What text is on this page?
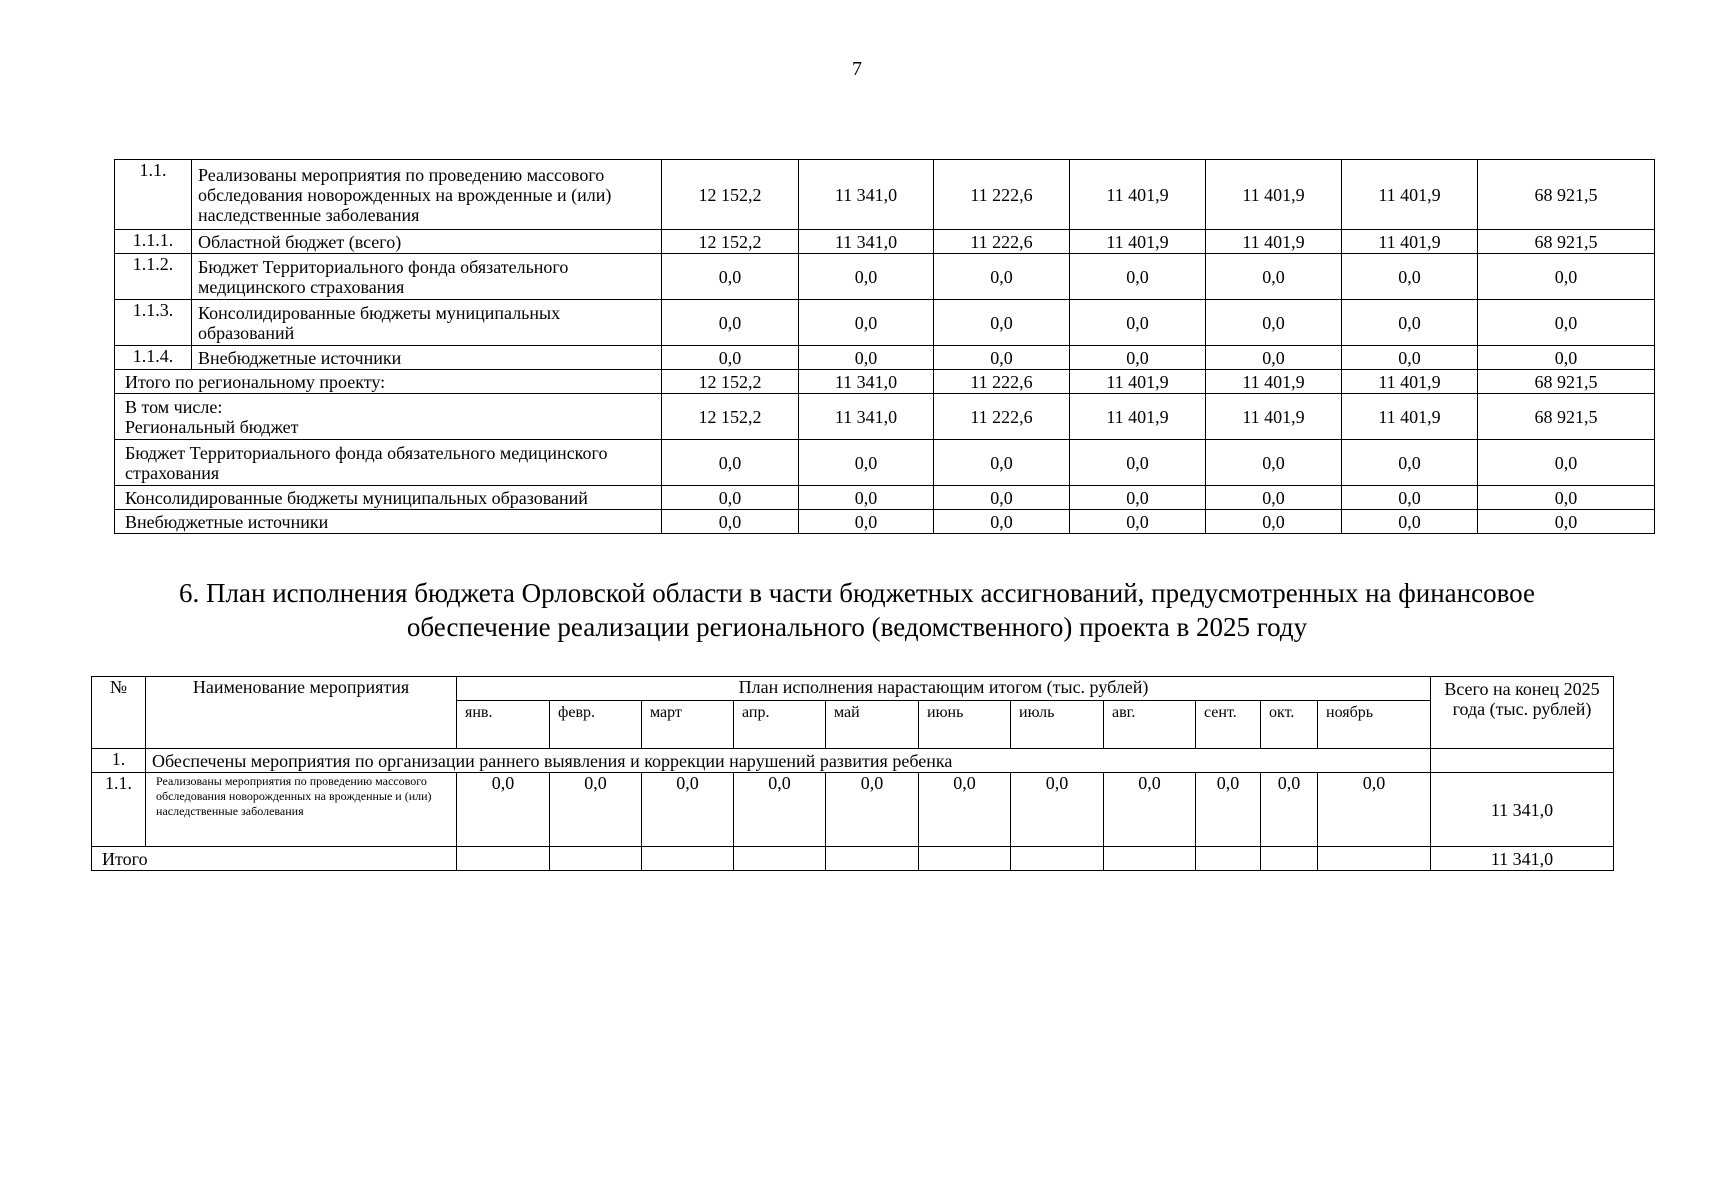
7
1.1.	Реализованы мероприятия по проведению массового обследования новорожденных на врожденные и (или) наследственные заболевания	12 152,2	11 341,0	11 222,6	11 401,9	11 401,9	11 401,9	68 921,5
1.1.1.	Областной бюджет (всего)	12 152,2	11 341,0	11 222,6	11 401,9	11 401,9	11 401,9	68 921,5
1.1.2.	Бюджет Территориального фонда обязательного медицинского страхования	0,0	0,0	0,0	0,0	0,0	0,0	0,0
1.1.3.	Консолидированные бюджеты муниципальных образований	0,0	0,0	0,0	0,0	0,0	0,0	0,0
1.1.4.	Внебюджетные источники	0,0	0,0	0,0	0,0	0,0	0,0	0,0
Итого по региональному проекту:		12 152,2	11 341,0	11 222,6	11 401,9	11 401,9	11 401,9	68 921,5

В том числе:
Региональный бюджет		12 152,2	11 341,0	11 222,6	11 401,9	11 401,9	11 401,9	68 921,5
Бюджет Территориального фонда обязательного медицинского страхования		0,0	0,0	0,0	0,0	0,0	0,0	0,0
Консолидированные бюджеты муниципальных образований		0,0	0,0	0,0	0,0	0,0	0,0	0,0
Внебюджетные источники		0,0	0,0	0,0	0,0	0,0	0,0	0,0
6. План исполнения бюджета Орловской области в части бюджетных ассигнований, предусмотренных на финансовое
обеспечение реализации регионального (ведомственного) проекта в 2025 году
№	Наименование мероприятия	План исполнения нарастающим итогом (тыс. рублей)											Всего на конец 2025 года (тыс. рублей)
		янв.	февр.	март	апр.	май	июнь	июль	авг.	сент.	окт.	ноябрь	
1.	Обеспечены мероприятия по организации раннего выявления и коррекции нарушений развития ребенка												
1.1.	Реализованы мероприятия по проведению массового обследования новорожденных на врожденные и (или) наследственные заболевания	0,0	0,0	0,0	0,0	0,0	0,0	0,0	0,0	0,0	0,0	0,0	11 341,0
Итого													11 341,0
